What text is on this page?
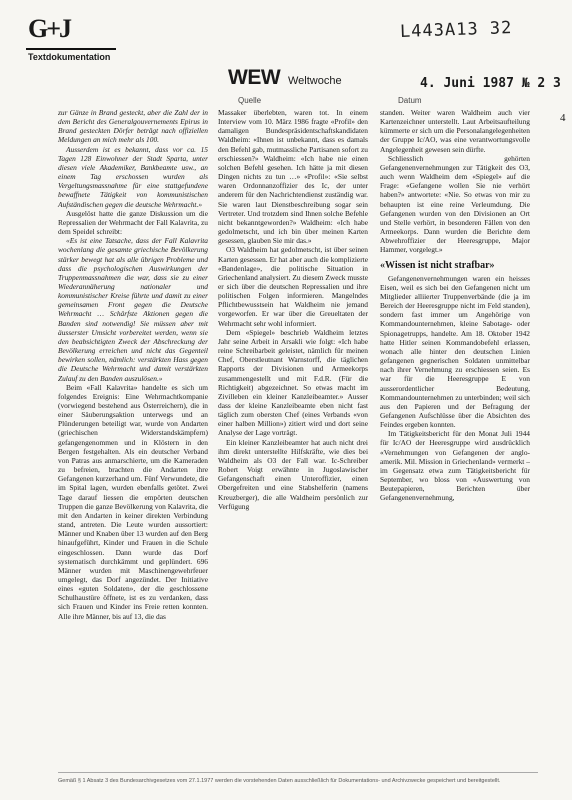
G+J
Textdokumentation
L443A13 32
Quelle	Datum
WEW Weltwoche	4. Juni 1987 № 2 3
4

zur Gänze in Brand gesteckt, aber die Zahl der in dem Bericht des Generalgouvernements Epirus in Brand gesteckten Dörfer beträgt nach offiziellen Meldungen an mich mehr als 100.

Ausserdem ist es bekannt, dass vor ca. 15 Tagen 128 Einwohner der Stadt Sparta, unter diesen viele Akademiker, Bankbeamte usw., an einem Tag erschossen wurden als Vergeltungsmassnahme für eine stattgefundene bewaffnete Tätigkeit von kommunistischen Aufständischen gegen die deutsche Wehrmacht.»

Ausgelöst hatte die ganze Diskussion um die Repressalien der Wehrmacht der Fall Kalavrita, zu dem Speidel schreibt:

«Es ist eine Tatsache, dass der Fall Kalavrita wochenlang die gesamte griechische Bevölkerung stärker bewegt hat als alle übrigen Probleme und dass die psychologischen Auswirkungen der Truppenmassnahmen die war, dass sie zu einer Wiederannäherung nationaler und kommunistischer Kreise führte und damit zu einer gemeinsamen Front gegen die Deutsche Wehrmacht … Schärfste Aktionen gegen die Banden sind notwendig! Sie müssen aber mit äusserster Umsicht vorbereitet werden, wenn sie den beabsichtigten Zweck der Abschreckung der Bevölkerung erreichen und nicht das Gegenteil bewirken sollen, nämlich: verstärkten Hass gegen die Deutsche Wehrmacht und damit verstärkten Zulauf zu den Banden auszulösen.»

Beim «Fall Kalavrita» handelte es sich um folgendes Ereignis: Eine Wehrmachtkompanie (vorwiegend bestehend aus Österreichern), die in einer Säuberungsaktion unterwegs und an Plünderungen beteiligt war, wurde von Andarten (griechischen Widerstandskämpfern) gefangengenommen und in Klöstern in den Bergen festgehalten. Als ein deutscher Verband von Patras aus anmarschierte, um die Kameraden zu befreien, brachten die Andarten ihre Gefangenen kurzerhand um. Fünf Verwundete, die im Spital lagen, wurden ebenfalls getötet. Zwei Tage darauf liessen die empörten deutschen Truppen die ganze Bevölkerung von Kalavrita, die mit den Andarten in keiner direkten Verbindung stand, antreten. Die Leute wurden aussortiert: Männer und Knaben über 13 wurden auf den Berg hinaufgeführt, Kinder und Frauen in die Schule eingeschlossen. Dann wurde das Dorf systematisch durchkämmt und geplündert. 696 Männer wurden mit Maschinengewehrfeuer umgelegt, das Dorf angezündet. Der Initiative eines «guten Soldaten», der die geschlossene Schulhaustüre öffnete, ist es zu verdanken, dass sich Frauen und Kinder ins Freie retten konnten. Alle ihre Männer, bis auf 13, die das

Massaker überlebten, waren tot. In einem Interview vom 10. März 1986 fragte «Profil» den damaligen Bundespräsidentschaftskandidaten Waldheim: «Ihnen ist unbekannt, dass es damals den Befehl gab, mutmassliche Partisanen sofort zu erschiessen?» Waldheim: «Ich habe nie einen solchen Befehl gesehen. Ich hätte ja mit diesen Dingen nichts zu tun …» «Profil»: «Sie selbst waren Ordonnanzoffizier des Ic, der unter anderem für den Nachrichtendienst zuständig war. Sie waren laut Dienstbeschreibung sogar sein Vertreter. Und trotzdem sind Ihnen solche Befehle nicht bekanntgeworden?» Waldheim: «Ich habe gedolmetscht, und ich bin über meinen Karten gesessen, glauben Sie mir das.»

O3 Waldheim hat gedolmetscht, ist über seinen Karten gesessen. Er hat aber auch die komplizierte «Bandenlage», die politische Situation in Griechenland analysiert. Zu diesem Zweck musste er sich über die deutschen Repressalien und ihre politischen Folgen informieren. Mangelndes Pflichtbewusstsein hat Waldheim nie jemand vorgeworfen. Er war über die Greueltaten der Wehrmacht sehr wohl informiert.

Dem «Spiegel» beschrieb Waldheim letztes Jahr seine Arbeit in Arsakli wie folgt: «Ich habe reine Schreibarbeit geleistet, nämlich für meinen Chef, Oberstleutnant Warnstorff, die täglichen Rapports der Divisionen und Armeekorps zusammengestellt und mit F.d.R. (Für die Richtigkeit) abgezeichnet. So etwas macht im Zivilleben ein kleiner Kanzleibeamter.» Ausser dass der kleine Kanzleibeamte eben nicht fast täglich zum obersten Chef (eines Verbands «von einer halben Million») zitiert wird und dort seine Analyse der Lage vorträgt.

Ein kleiner Kanzleibeamter hat auch nicht drei ihm direkt unterstellte Hilfskräfte, wie dies bei Waldheim als O3 der Fall war. Ic-Schreiber Robert Voigt erwähnte in Jugoslawischer Gefangenschaft einen Unteroffizier, einen Obergefreiten und eine Stabshelferin (namens Kreuzberger), die alle Waldheim persönlich zur Verfügung

standen. Weiter waren Waldheim auch vier Kartenzeichner unterstellt. Laut Arbeitsaufteilung kümmerte er sich um die Personalangelegenheiten der Gruppe Ic/AO, was eine verantwortungsvolle Angelegenheit gewesen sein dürfte.

Schliesslich gehörten Gefangenenvernehmungen zur Tätigkeit des O3, auch wenn Waldheim dem «Spiegel» auf die Frage: «Gefangene wollen Sie nie verhört haben?» antwortete: «Nie. So etwas von mir zu behaupten ist eine reine Verleumdung. Die Gefangenen wurden von den Divisionen an Ort und Stelle verhört, in besonderen Fällen von den Armeekorps. Dann wurden die Berichte dem Abwehroffizier der Heeresgruppe, Major Hammer, vorgelegt.»

«Wissen ist nicht strafbar»

Gefangenenvernehmungen waren ein heisses Eisen, weil es sich bei den Gefangenen nicht um Mitglieder alliierter Truppenverbände (die ja im Bereich der Heeresgruppe nicht im Feld standen), sondern fast immer um Angehörige von Kommandounternehmen, kleine Sabotage- oder Spionagetrupps, handelte. Am 18. Oktober 1942 hatte Hitler seinen Kommandobefehl erlassen, wonach alle hinter den deutschen Linien gefangenen gegnerischen Soldaten unmittelbar nach ihrer Vernehmung zu erschiessen seien. Es war für die Heeresgruppe E von ausserordentlicher Bedeutung, Kommandounternehmen zu unterbinden; weil sich aus den Papieren und der Befragung der Gefangenen Aufschlüsse über die Absichten des Feindes ergeben konnten.

Im Tätigkeitsbericht für den Monat Juli 1944 für Ic/AO der Heeresgruppe wird ausdrücklich «Vernehmungen von Gefangenen der anglo-amerik. Mil. Mission in Griechenland» vermerkt – im Gegensatz etwa zum Tätigkeitsbericht für September, wo bloss von «Auswertung von Beutepapieren, Berichten über Gefangenenvernehmung,

Gemäß § 1 Absatz 3 des Bundesarchivgesetzes vom 27.1.1977 werden die vorstehenden Daten ausschließlich für Dokumentations- und Archivzwecke gespeichert und bereitgestellt.
